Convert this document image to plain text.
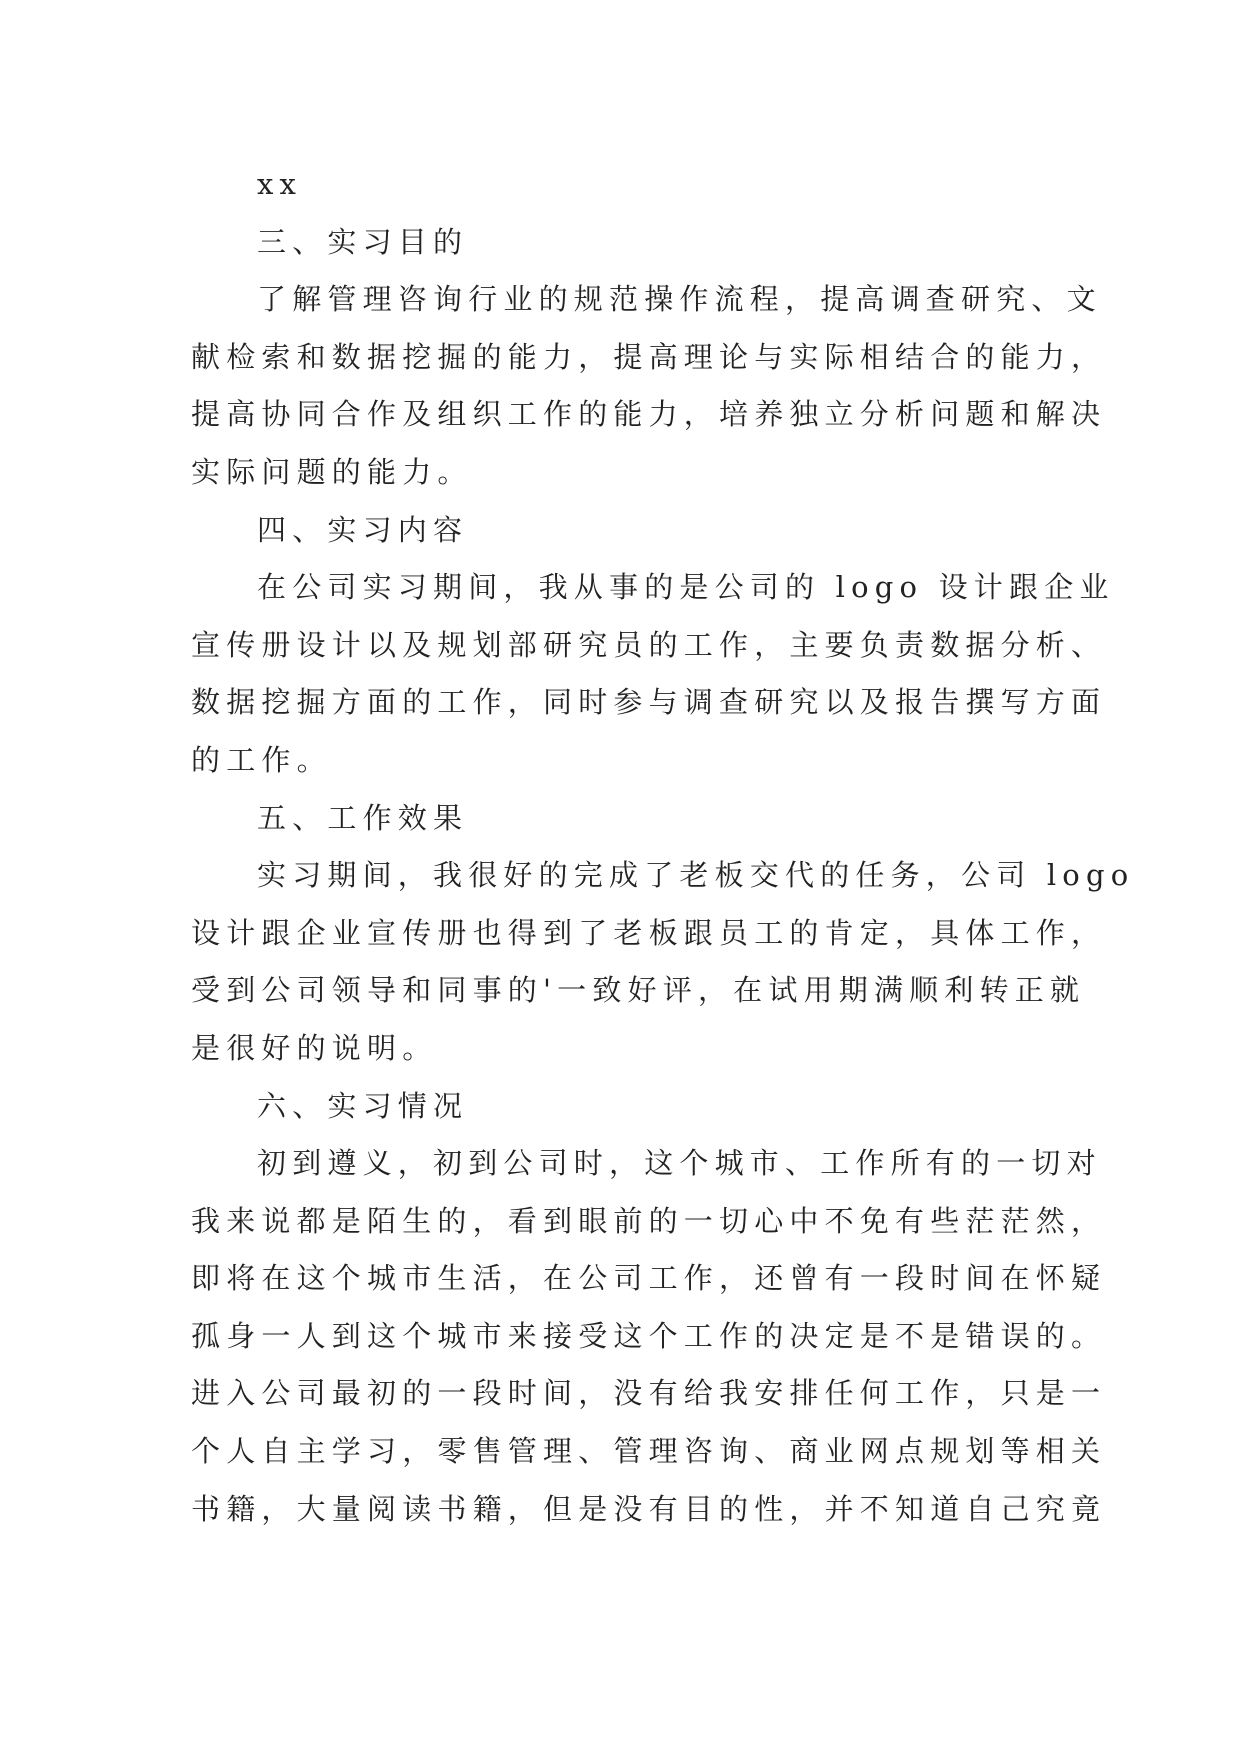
xx
三、实习目的
了解管理咨询行业的规范操作流程，提高调查研究、文
献检索和数据挖掘的能力，提高理论与实际相结合的能力，
提高协同合作及组织工作的能力，培养独立分析问题和解决
实际问题的能力。
四、实习内容
在公司实习期间，我从事的是公司的 logo 设计跟企业
宣传册设计以及规划部研究员的工作，主要负责数据分析、
数据挖掘方面的工作，同时参与调查研究以及报告撰写方面
的工作。
五、工作效果
实习期间，我很好的完成了老板交代的任务，公司 logo
设计跟企业宣传册也得到了老板跟员工的肯定，具体工作，
受到公司领导和同事的'一致好评，在试用期满顺利转正就
是很好的说明。
六、实习情况
初到遵义，初到公司时，这个城市、工作所有的一切对
我来说都是陌生的，看到眼前的一切心中不免有些茫茫然，
即将在这个城市生活，在公司工作，还曾有一段时间在怀疑
孤身一人到这个城市来接受这个工作的决定是不是错误的。
进入公司最初的一段时间，没有给我安排任何工作，只是一
个人自主学习，零售管理、管理咨询、商业网点规划等相关
书籍，大量阅读书籍，但是没有目的性，并不知道自己究竟
